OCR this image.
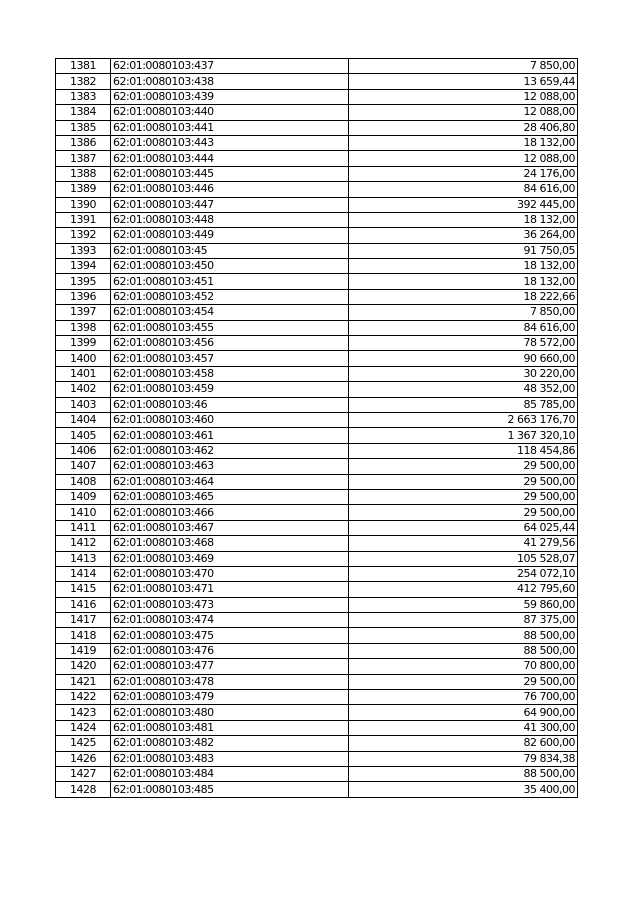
1381	62:01:0080103:437	7 850,00
1382	62:01:0080103:438	13 659,44
1383	62:01:0080103:439	12 088,00
1384	62:01:0080103:440	12 088,00
1385	62:01:0080103:441	28 406,80
1386	62:01:0080103:443	18 132,00
1387	62:01:0080103:444	12 088,00
1388	62:01:0080103:445	24 176,00
1389	62:01:0080103:446	84 616,00
1390	62:01:0080103:447	392 445,00
1391	62:01:0080103:448	18 132,00
1392	62:01:0080103:449	36 264,00
1393	62:01:0080103:45	91 750,05
1394	62:01:0080103:450	18 132,00
1395	62:01:0080103:451	18 132,00
1396	62:01:0080103:452	18 222,66
1397	62:01:0080103:454	7 850,00
1398	62:01:0080103:455	84 616,00
1399	62:01:0080103:456	78 572,00
1400	62:01:0080103:457	90 660,00
1401	62:01:0080103:458	30 220,00
1402	62:01:0080103:459	48 352,00
1403	62:01:0080103:46	85 785,00
1404	62:01:0080103:460	2 663 176,70
1405	62:01:0080103:461	1 367 320,10
1406	62:01:0080103:462	118 454,86
1407	62:01:0080103:463	29 500,00
1408	62:01:0080103:464	29 500,00
1409	62:01:0080103:465	29 500,00
1410	62:01:0080103:466	29 500,00
1411	62:01:0080103:467	64 025,44
1412	62:01:0080103:468	41 279,56
1413	62:01:0080103:469	105 528,07
1414	62:01:0080103:470	254 072,10
1415	62:01:0080103:471	412 795,60
1416	62:01:0080103:473	59 860,00
1417	62:01:0080103:474	87 375,00
1418	62:01:0080103:475	88 500,00
1419	62:01:0080103:476	88 500,00
1420	62:01:0080103:477	70 800,00
1421	62:01:0080103:478	29 500,00
1422	62:01:0080103:479	76 700,00
1423	62:01:0080103:480	64 900,00
1424	62:01:0080103:481	41 300,00
1425	62:01:0080103:482	82 600,00
1426	62:01:0080103:483	79 834,38
1427	62:01:0080103:484	88 500,00
1428	62:01:0080103:485	35 400,00
